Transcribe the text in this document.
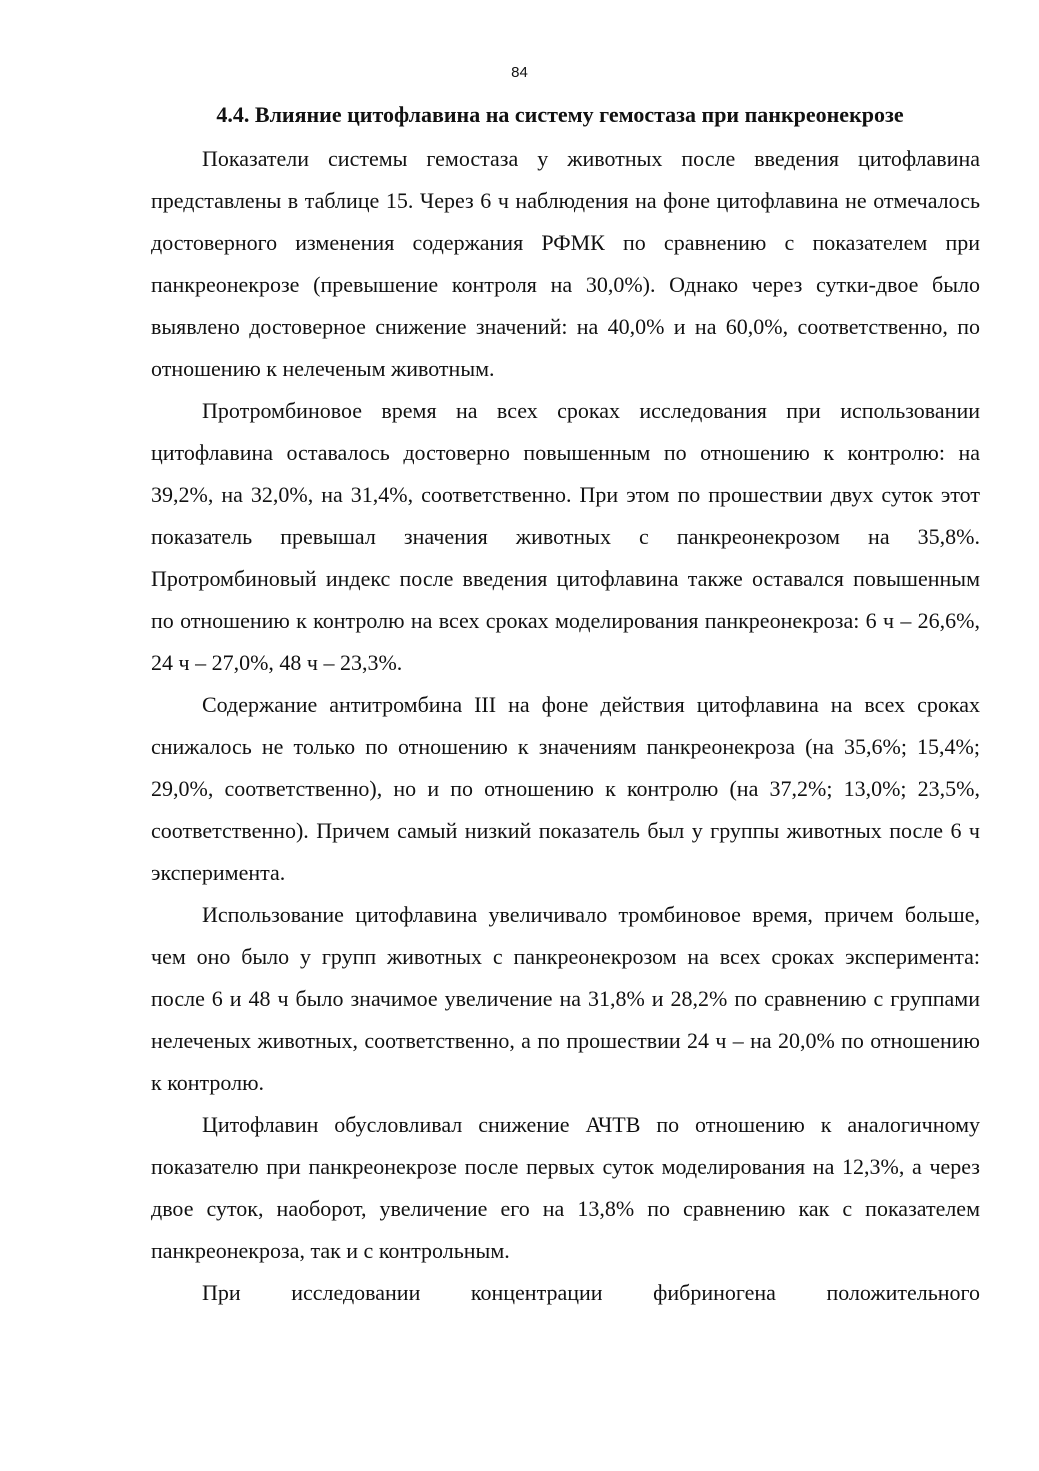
84
4.4. Влияние цитофлавина на систему гемостаза при панкреонекрозе

Показатели системы гемостаза у животных после введения цитофлавина представлены в таблице 15. Через 6 ч наблюдения на фоне цитофлавина не отмечалось достоверного изменения содержания РФМК по сравнению с показателем при панкреонекрозе (превышение контроля на 30,0%). Однако через сутки-двое было выявлено достоверное снижение значений: на 40,0% и на 60,0%, соответственно, по отношению к нелеченым животным.

Протромбиновое время на всех сроках исследования при использовании цитофлавина оставалось достоверно повышенным по отношению к контролю: на 39,2%, на 32,0%, на 31,4%, соответственно. При этом по прошествии двух суток этот показатель превышал значения животных с панкреонекрозом на 35,8%. Протромбиновый индекс после введения цитофлавина также оставался повышенным по отношению к контролю на всех сроках моделирования панкреонекроза: 6 ч – 26,6%, 24 ч – 27,0%, 48 ч – 23,3%.

Содержание антитромбина III на фоне действия цитофлавина на всех сроках снижалось не только по отношению к значениям панкреонекроза (на 35,6%; 15,4%; 29,0%, соответственно), но и по отношению к контролю (на 37,2%; 13,0%; 23,5%, соответственно). Причем самый низкий показатель был у группы животных после 6 ч эксперимента.

Использование цитофлавина увеличивало тромбиновое время, причем больше, чем оно было у групп животных с панкреонекрозом на всех сроках эксперимента: после 6 и 48 ч было значимое увеличение на 31,8% и 28,2% по сравнению с группами нелеченых животных, соответственно, а по прошествии 24 ч – на 20,0% по отношению к контролю.

Цитофлавин обусловливал снижение АЧТВ по отношению к аналогичному показателю при панкреонекрозе после первых суток моделирования на 12,3%, а через двое суток, наоборот, увеличение его на 13,8% по сравнению как с показателем панкреонекроза, так и с контрольным.

При исследовании концентрации фибриногена положительного
